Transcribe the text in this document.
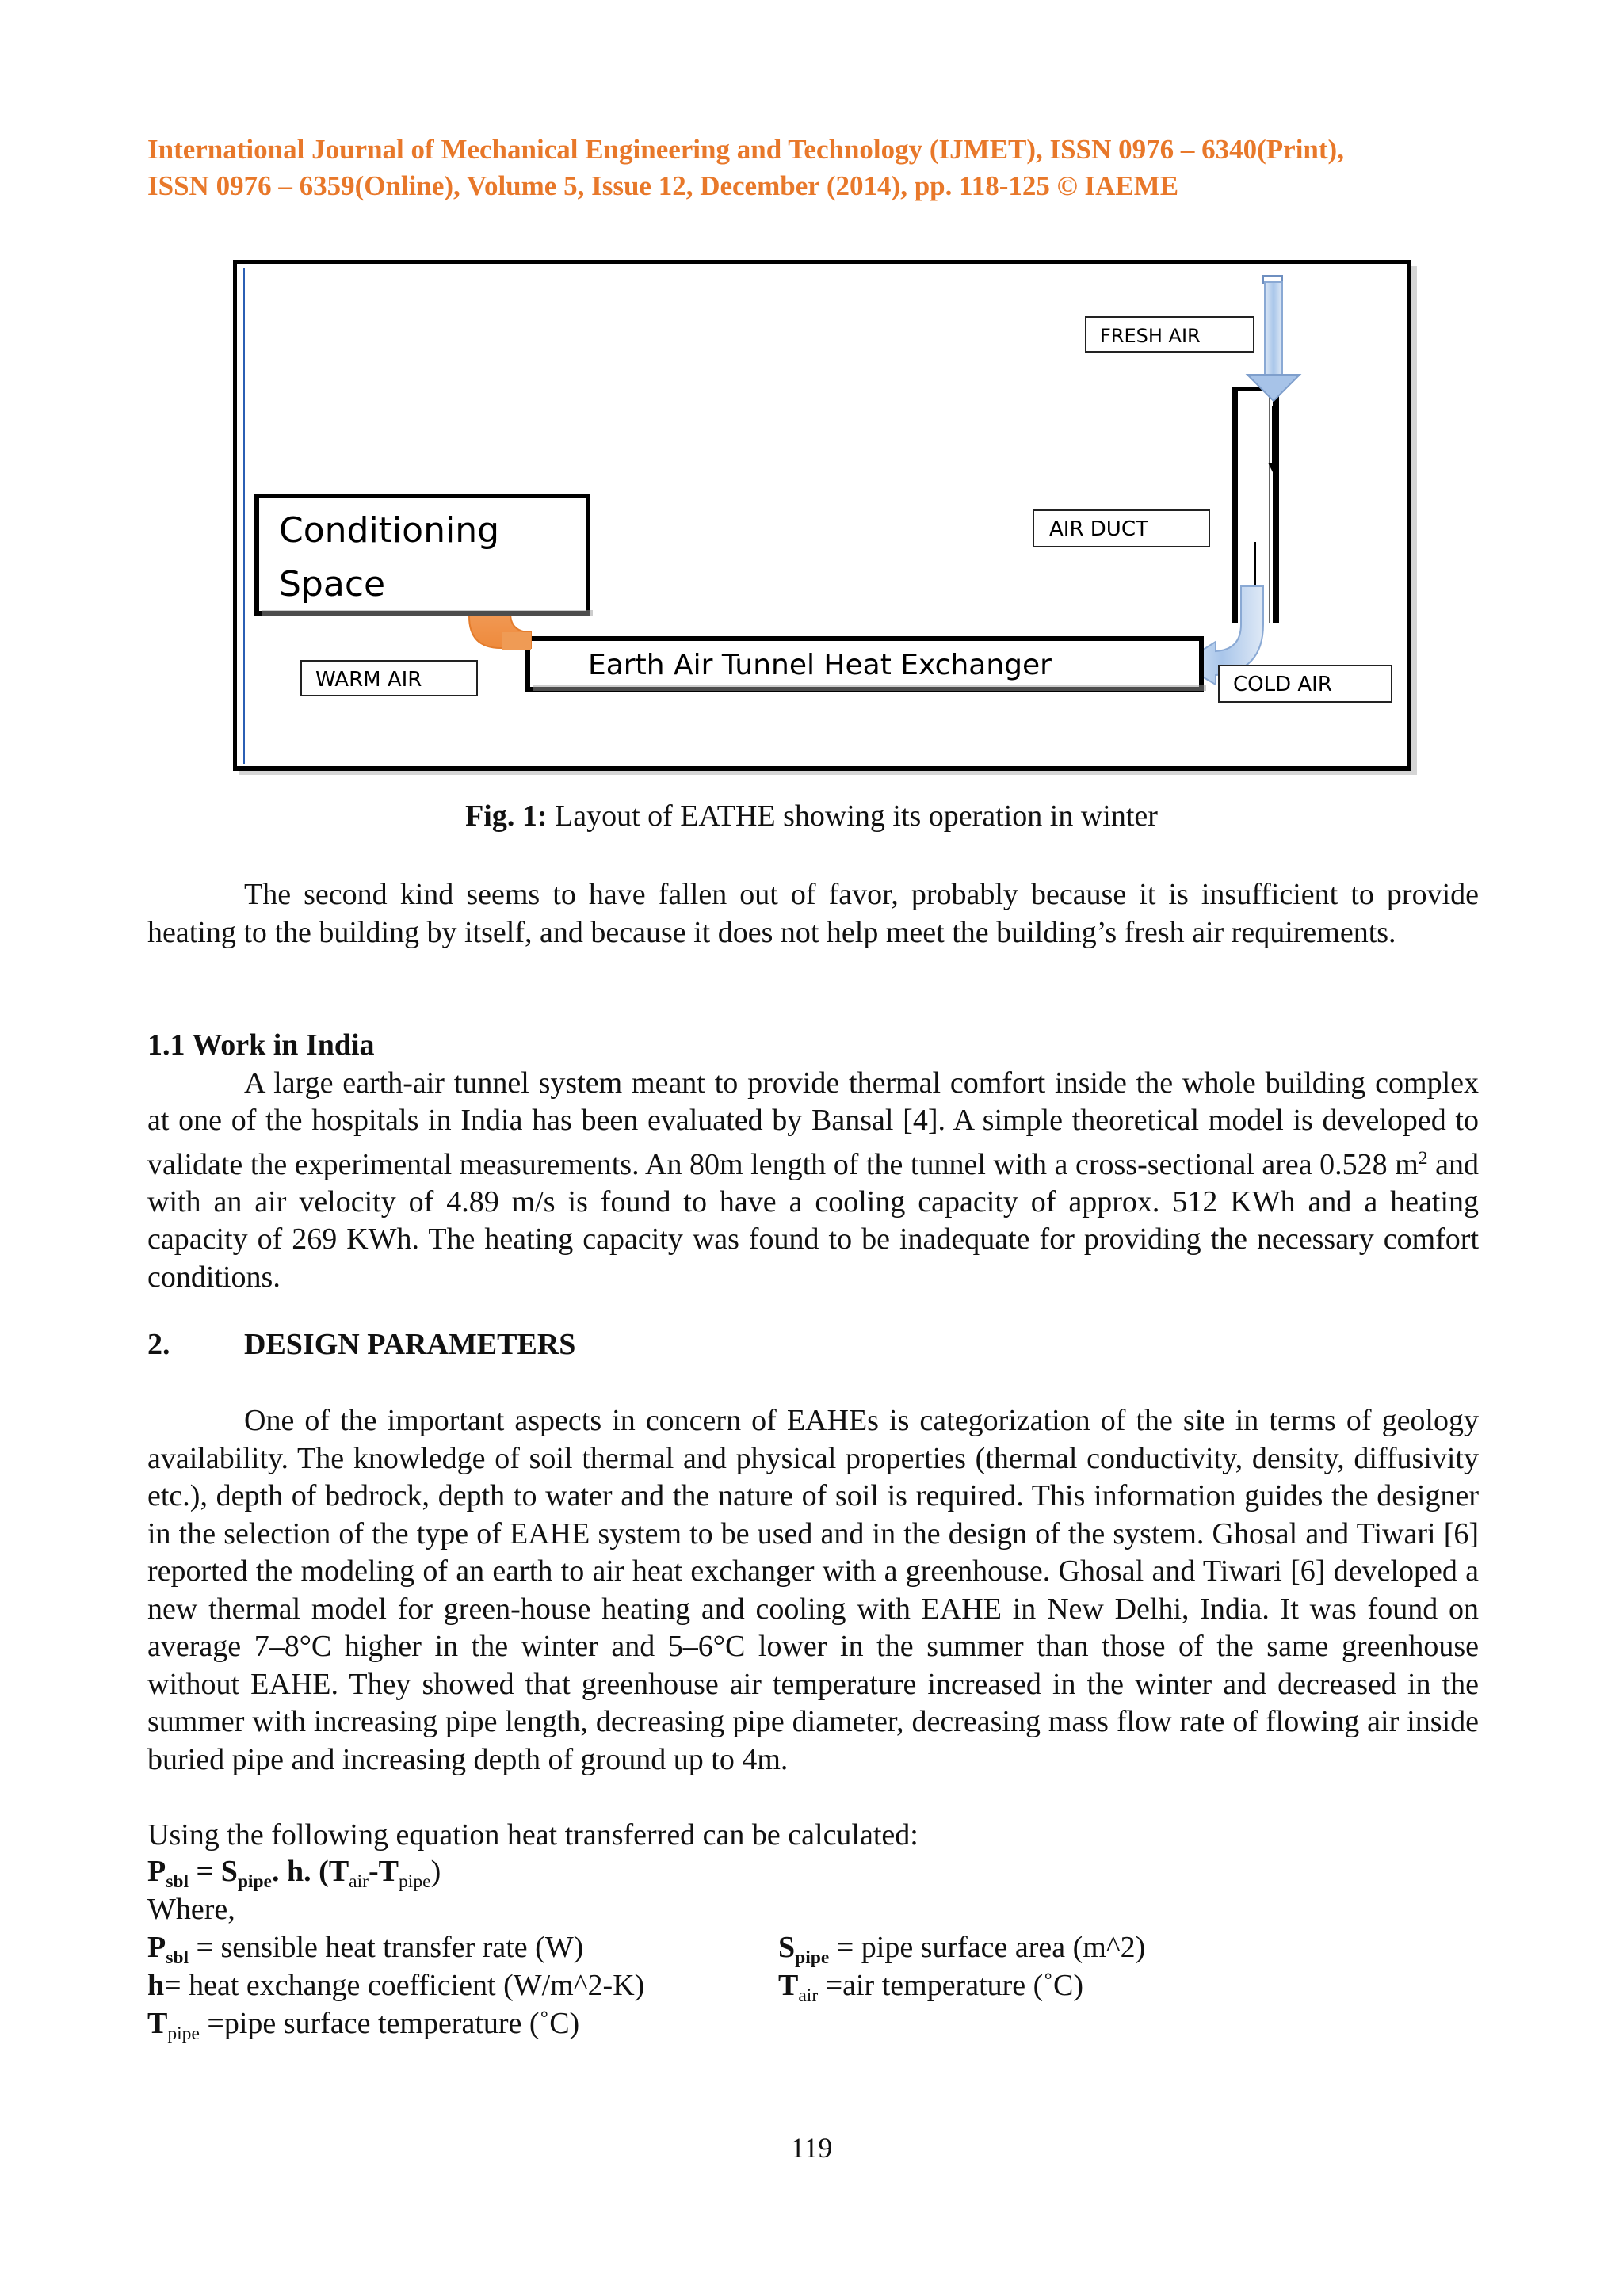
International Journal of Mechanical Engineering and Technology (IJMET), ISSN 0976 – 6340(Print),
ISSN 0976 – 6359(Online), Volume 5, Issue 12, December (2014), pp. 118-125 © IAEME
Earth Air Tunnel Heat Exchanger
Conditioning
Space
FRESH AIR
AIR DUCT
WARM AIR	COLD AIR
Fig. 1: Layout of EATHE showing its operation in winter
The second kind seems to have fallen out of favor, probably because it is insufficient to provide heating to the building by itself, and because it does not help meet the building’s fresh air requirements.
1.1 Work in India
A large earth-air tunnel system meant to provide thermal comfort inside the whole building complex at one of the hospitals in India has been evaluated by Bansal [4]. A simple theoretical model is developed to validate the experimental measurements. An 80m length of the tunnel with a cross-sectional area 0.528 $m^2$ and with an air velocity of 4.89 m/s is found to have a cooling capacity of approx. 512 KWh and a heating capacity of 269 KWh. The heating capacity was found to be inadequate for providing the necessary comfort conditions.
2. DESIGN PARAMETERS
One of the important aspects in concern of EAHEs is categorization of the site in terms of geology availability. The knowledge of soil thermal and physical properties (thermal conductivity, density, diffusivity etc.), depth of bedrock, depth to water and the nature of soil is required. This information guides the designer in the selection of the type of EAHE system to be used and in the design of the system. Ghosal and Tiwari [6] reported the modeling of an earth to air heat exchanger with a greenhouse. Ghosal and Tiwari [6] developed a new thermal model for green-house heating and cooling with EAHE in New Delhi, India. It was found on average 7–8°C higher in the winter and 5–6°C lower in the summer than those of the same greenhouse without EAHE. They showed that greenhouse air temperature increased in the winter and decreased in the summer with increasing pipe length, decreasing pipe diameter, decreasing mass flow rate of flowing air inside buried pipe and increasing depth of ground up to 4m.
Using the following equation heat transferred can be calculated:
$P_{sbl} = S_{pipe}$. h. $(T_{air}-T_{pipe})$
Where,
$P_{sbl}$ = sensible heat transfer rate (W)	$S_{pipe}$ = pipe surface area (m^2)
h= heat exchange coefficient (W/m^2-K)	$T_{air} =air$ temperature (˚C)
$T_{pipe}$ =pipe surface temperature (˚C)
119
